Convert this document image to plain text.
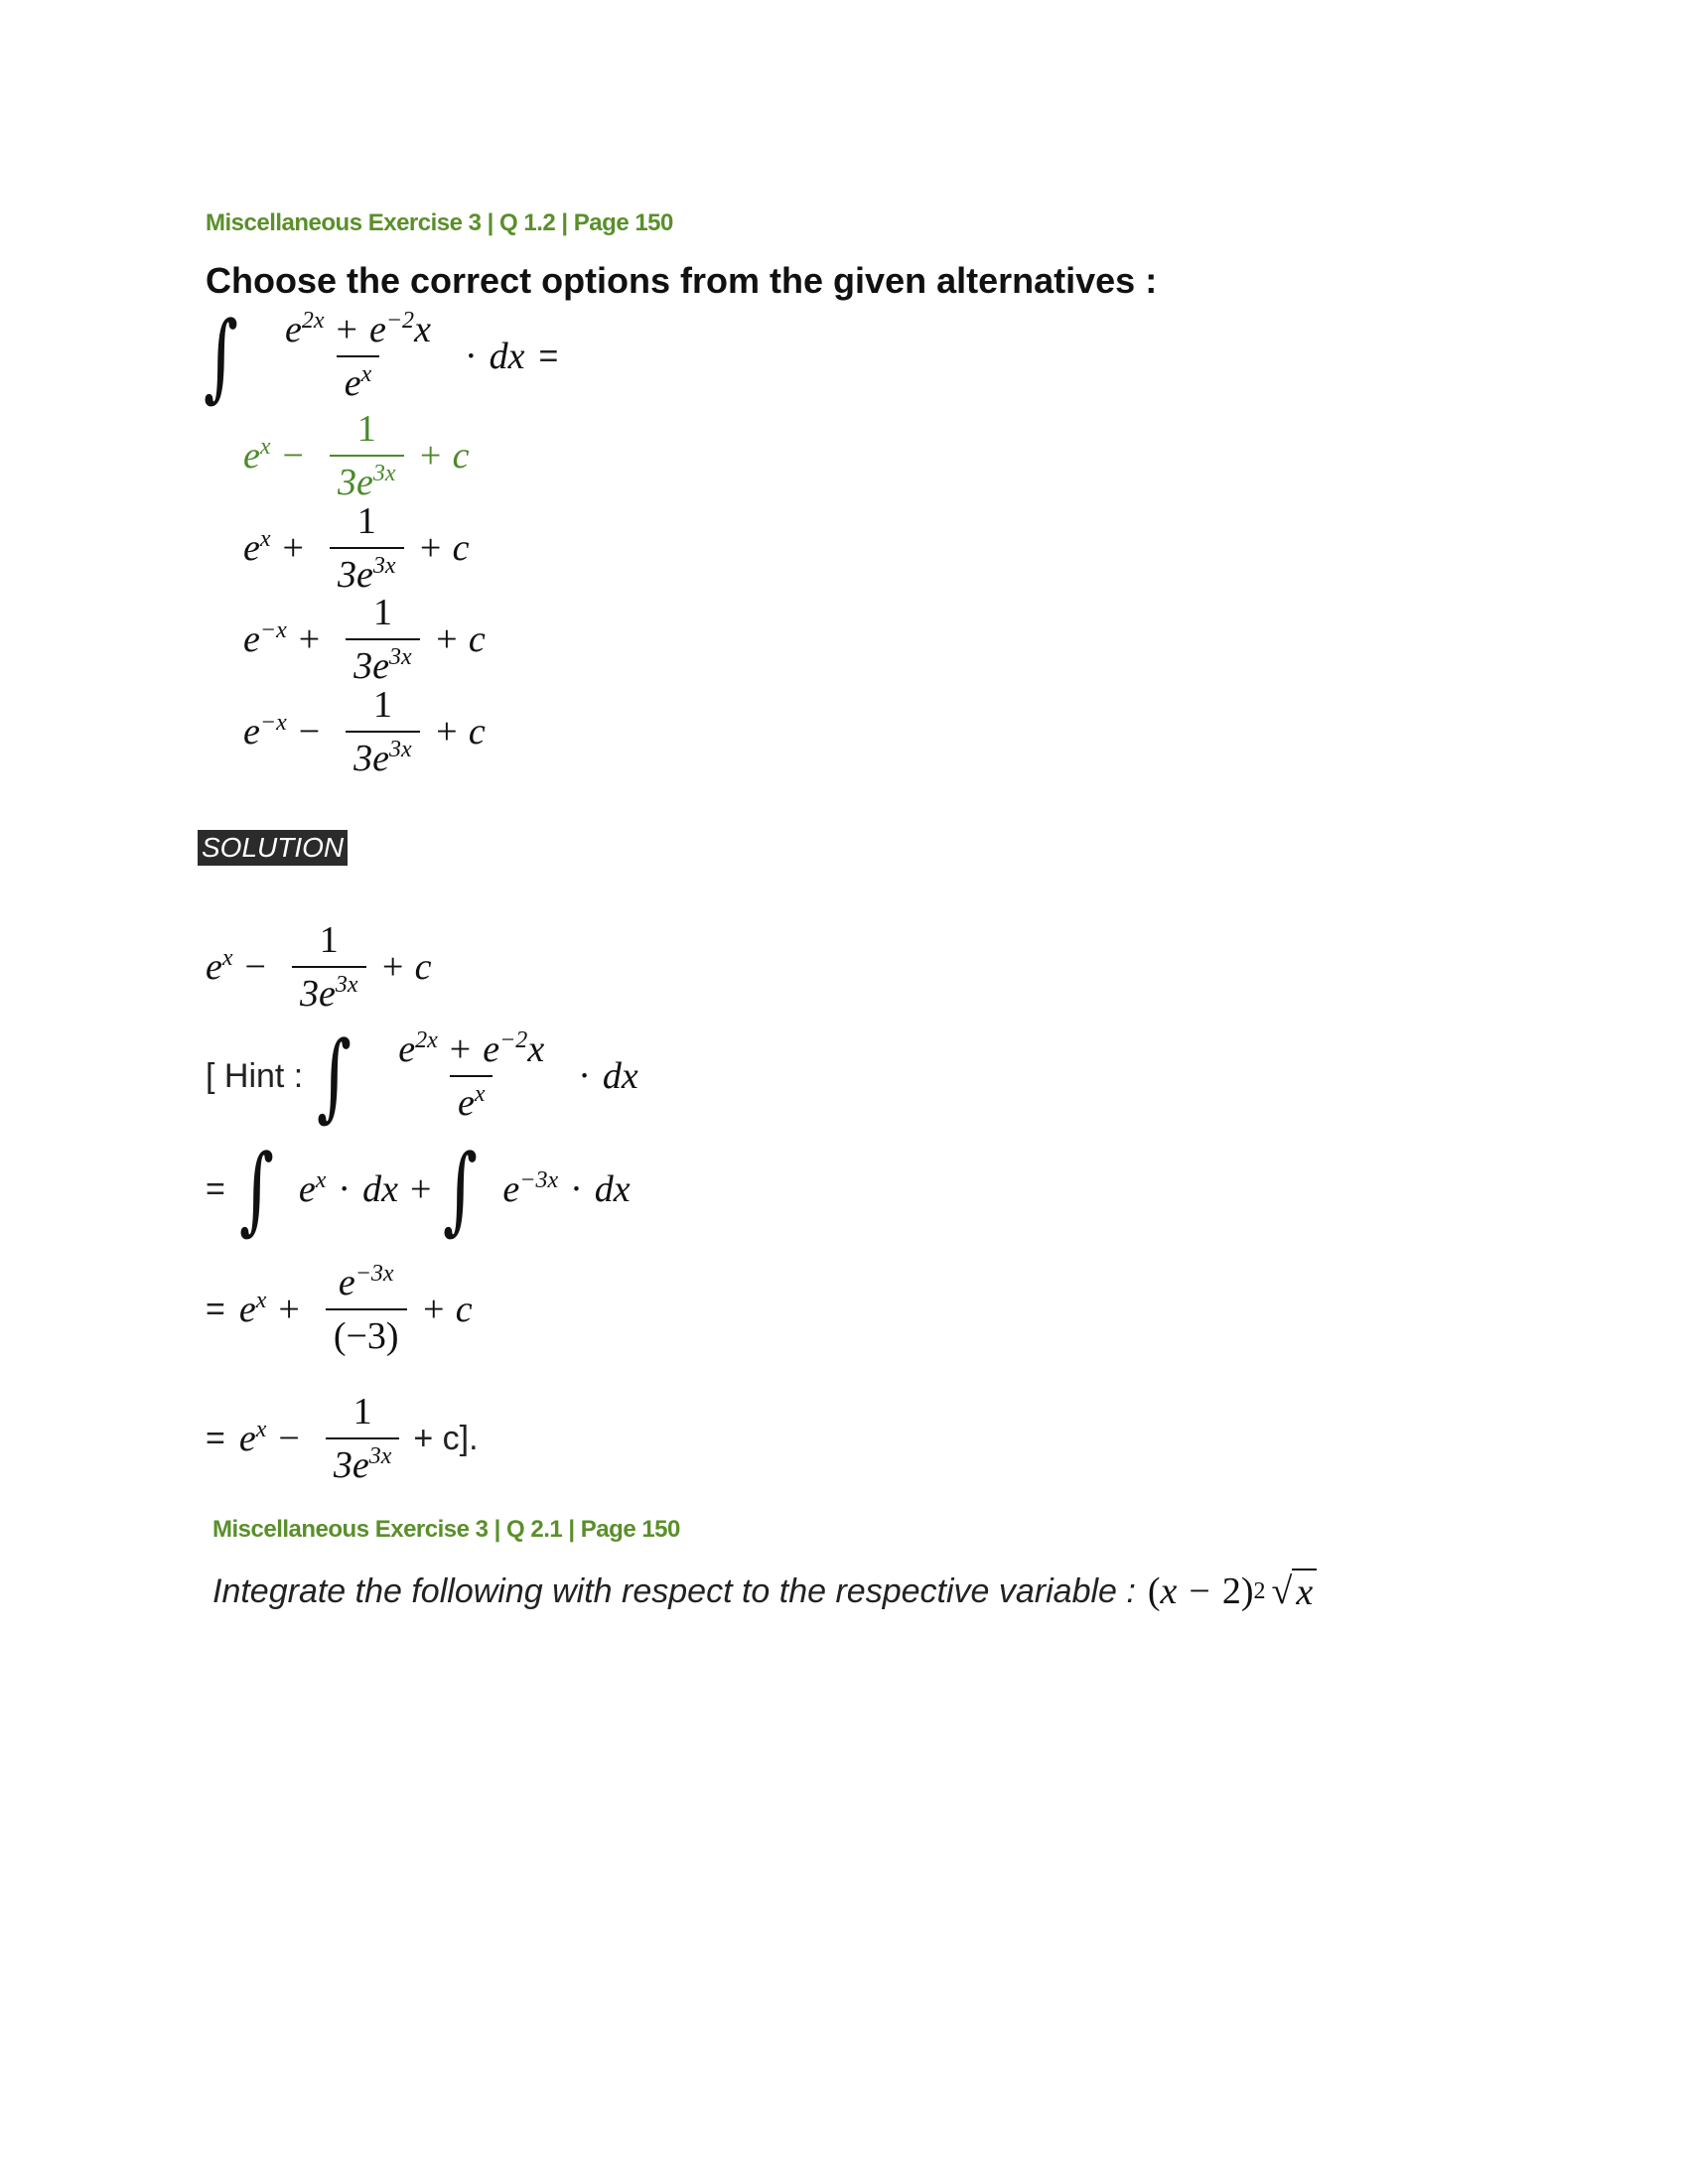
Miscellaneous Exercise 3 | Q 1.2 | Page 150
Choose the correct options from the given alternatives :
∫ $\frac{e^{2x} + e^{-2}x}{e^x}$ · dx =
$e^x - \frac{1}{3e^{3x}} + c$
$e^x + \frac{1}{3e^{3x}} + c$
$e^{-x} + \frac{1}{3e^{3x}} + c$
$e^{-x} - \frac{1}{3e^{3x}} + c$
SOLUTION
$e^x - \frac{1}{3e^{3x}} + c$
[ Hint : ∫ $\frac{e^{2x} + e^{-2}x}{e^x}$ · dx
= ∫ $e^x$ · dx + ∫ $e^{-3x}$ · dx
= $e^x + \frac{e^{-3x}}{(-3)} + c$
= $e^x - \frac{1}{3e^{3x}} + c$].
Miscellaneous Exercise 3 | Q 2.1 | Page 150
Integrate the following with respect to the respective variable : ( x − 2) 2 √ x
